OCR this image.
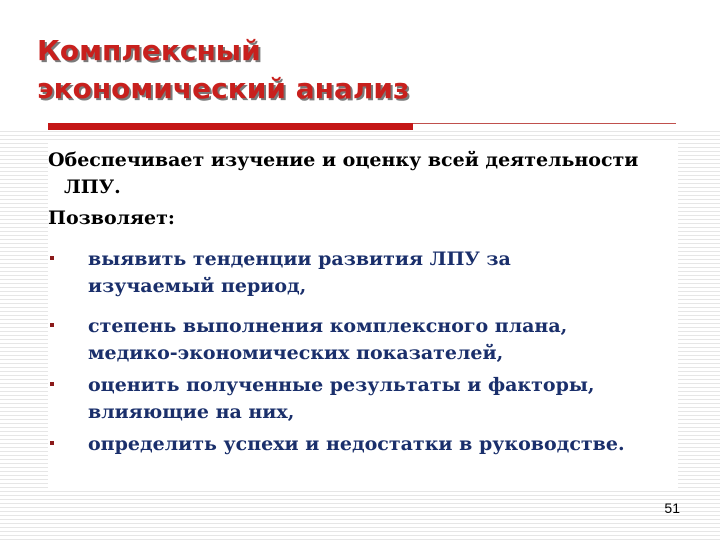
Комплексный
экономический анализ

Обеспечивает изучение и оценку всей деятельности
ЛПУ.

Позволяет:

выявить тенденции развития ЛПУ за
изучаемый период,

степень выполнения комплексного плана,
медико-экономических показателей,

оценить полученные результаты и факторы,
влияющие на них,

определить успехи и недостатки в руководстве.

51
